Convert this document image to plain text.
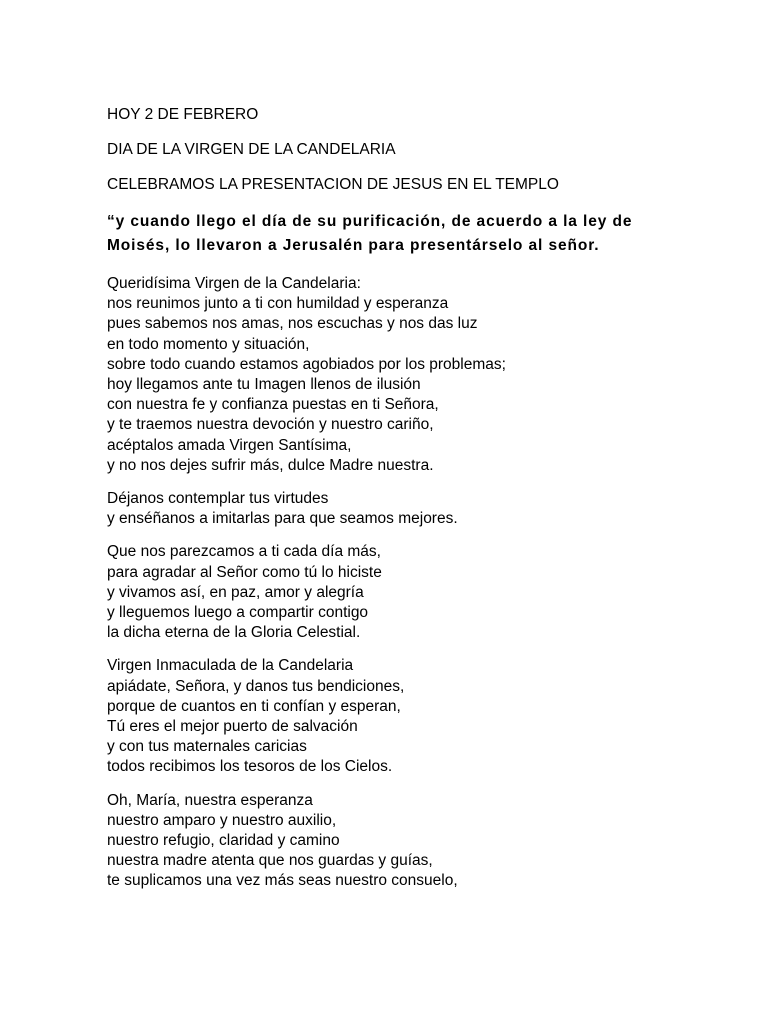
HOY 2 DE FEBRERO

DIA DE LA VIRGEN DE LA CANDELARIA

CELEBRAMOS LA PRESENTACION DE JESUS EN EL TEMPLO

“y cuando llego el día de su purificación, de acuerdo a la ley de Moisés, lo llevaron a Jerusalén para presentárselo al señor.

Queridísima Virgen de la Candelaria:
nos reunimos junto a ti con humildad y esperanza
pues sabemos nos amas, nos escuchas y nos das luz
en todo momento y situación,
sobre todo cuando estamos agobiados por los problemas;
hoy llegamos ante tu Imagen llenos de ilusión
con nuestra fe y confianza puestas en ti Señora,
y te traemos nuestra devoción y nuestro cariño,
acéptalos amada Virgen Santísima,
y no nos dejes sufrir más, dulce Madre nuestra.
Déjanos contemplar tus virtudes
y enséñanos a imitarlas para que seamos mejores.
Que nos parezcamos a ti cada día más,
para agradar al Señor como tú lo hiciste
y vivamos así, en paz, amor y alegría
y lleguemos luego a compartir contigo
la dicha eterna de la Gloria Celestial.
Virgen Inmaculada de la Candelaria
apiádate, Señora, y danos tus bendiciones,
porque de cuantos en ti confían y esperan,
Tú eres el mejor puerto de salvación
y con tus maternales caricias
todos recibimos los tesoros de los Cielos.
Oh, María, nuestra esperanza
nuestro amparo y nuestro auxilio,
nuestro refugio, claridad y camino
nuestra madre atenta que nos guardas y guías,
te suplicamos una vez más seas nuestro consuelo,
